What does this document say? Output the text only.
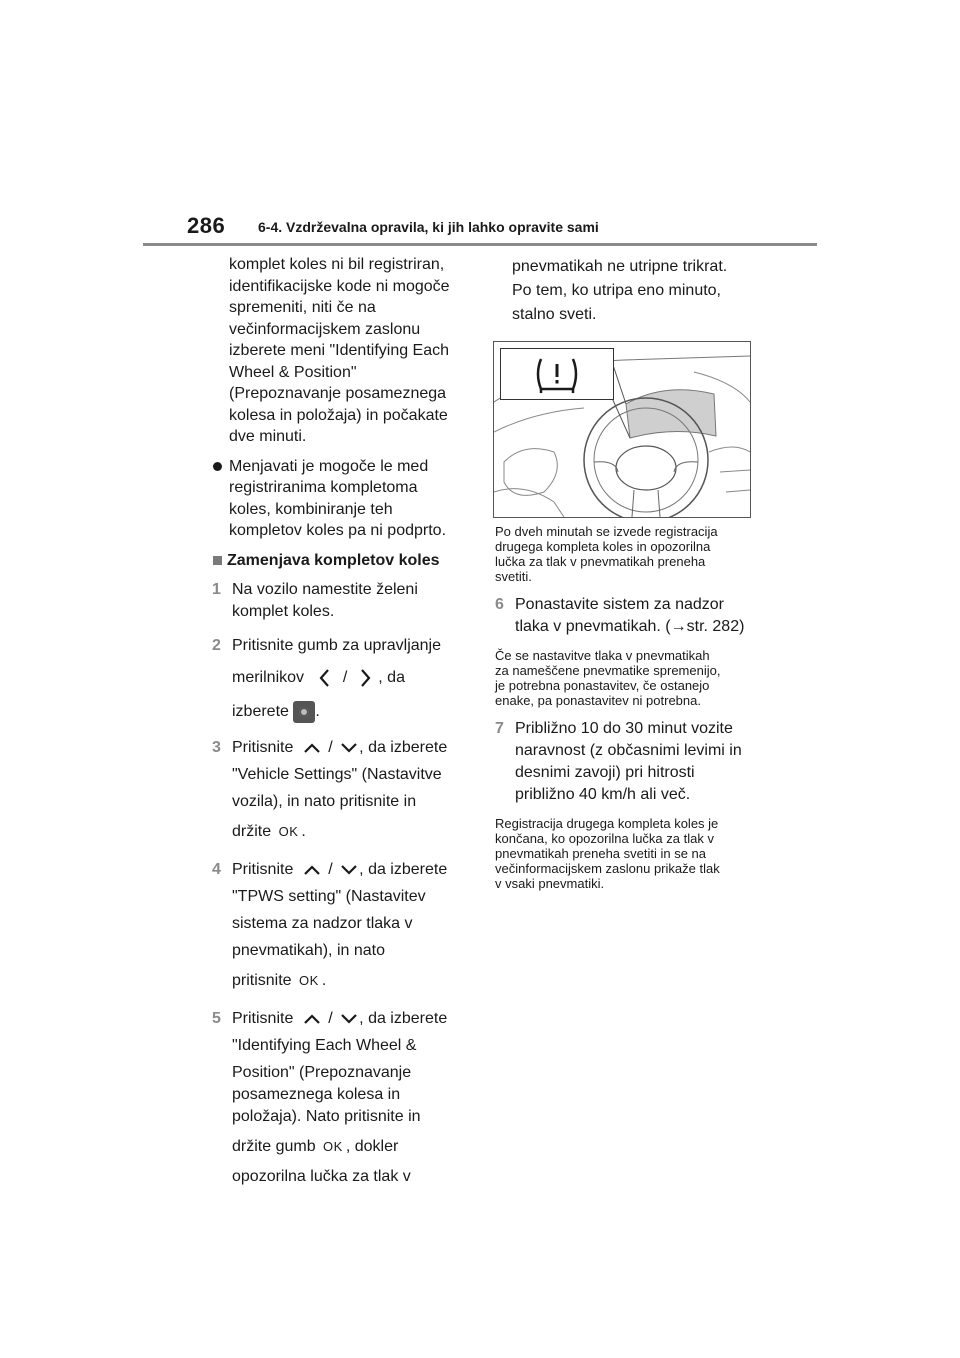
286 6-4. Vzdrževalna opravila, ki jih lahko opravite sami
komplet koles ni bil registriran,
identifikacijske kode ni mogoče
spremeniti, niti če na
večinformacijskem zaslonu
izberete meni "Identifying Each
Wheel & Position"
(Prepoznavanje posameznega
kolesa in položaja) in počakate
dve minuti.
Menjavati je mogoče le med
registriranima kompletoma
koles, kombiniranje teh
kompletov koles pa ni podprto.
Zamenjava kompletov koles
1 Na vozilo namestite želeni
komplet koles.
2 Pritisnite gumb za upravljanje
merilnikov / , da
izberete .
3 Pritisnite / , da izberete
"Vehicle Settings" (Nastavitve
vozila), in nato pritisnite in
držite OK .
4 Pritisnite / , da izberete
"TPWS setting" (Nastavitev
sistema za nadzor tlaka v
pnevmatikah), in nato
pritisnite OK .
5 Pritisnite / , da izberete
"Identifying Each Wheel &
Position" (Prepoznavanje
posameznega kolesa in
položaja). Nato pritisnite in
držite gumb OK , dokler
opozorilna lučka za tlak v
pnevmatikah ne utripne trikrat.
Po tem, ko utripa eno minuto,
stalno sveti.
Po dveh minutah se izvede registracija
drugega kompleta koles in opozorilna
lučka za tlak v pnevmatikah preneha
svetiti.
6 Ponastavite sistem za nadzor
tlaka v pnevmatikah. (→str. 282)
Če se nastavitve tlaka v pnevmatikah
za nameščene pnevmatike spremenijo,
je potrebna ponastavitev, če ostanejo
enake, pa ponastavitev ni potrebna.
7 Približno 10 do 30 minut vozite
naravnost (z občasnimi levimi in
desnimi zavoji) pri hitrosti
približno 40 km/h ali več.
Registracija drugega kompleta koles je
končana, ko opozorilna lučka za tlak v
pnevmatikah preneha svetiti in se na
večinformacijskem zaslonu prikaže tlak
v vsaki pnevmatiki.
